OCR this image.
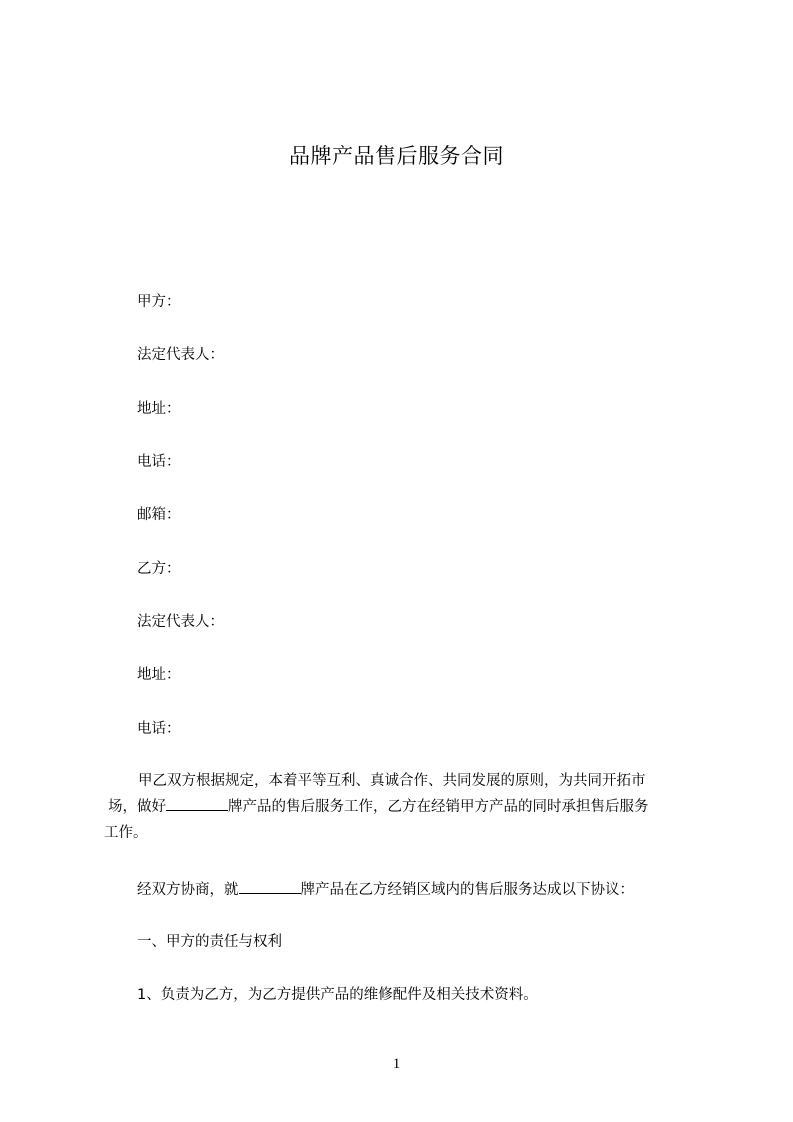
品牌产品售后服务合同
甲方：
法定代表人：
地址：
电话：
邮箱：
乙方：
法定代表人：
地址：
电话：
甲乙双方根据规定，本着平等互利、真诚合作、共同发展的原则，为共同开拓市
场，做好	牌产品的售后服务工作，乙方在经销甲方产品的同时承担售后服务
工作。
经双方协商，就	牌产品在乙方经销区域内的售后服务达成以下协议：
一、甲方的责任与权利
1、负责为乙方，为乙方提供产品的维修配件及相关技术资料。
1
